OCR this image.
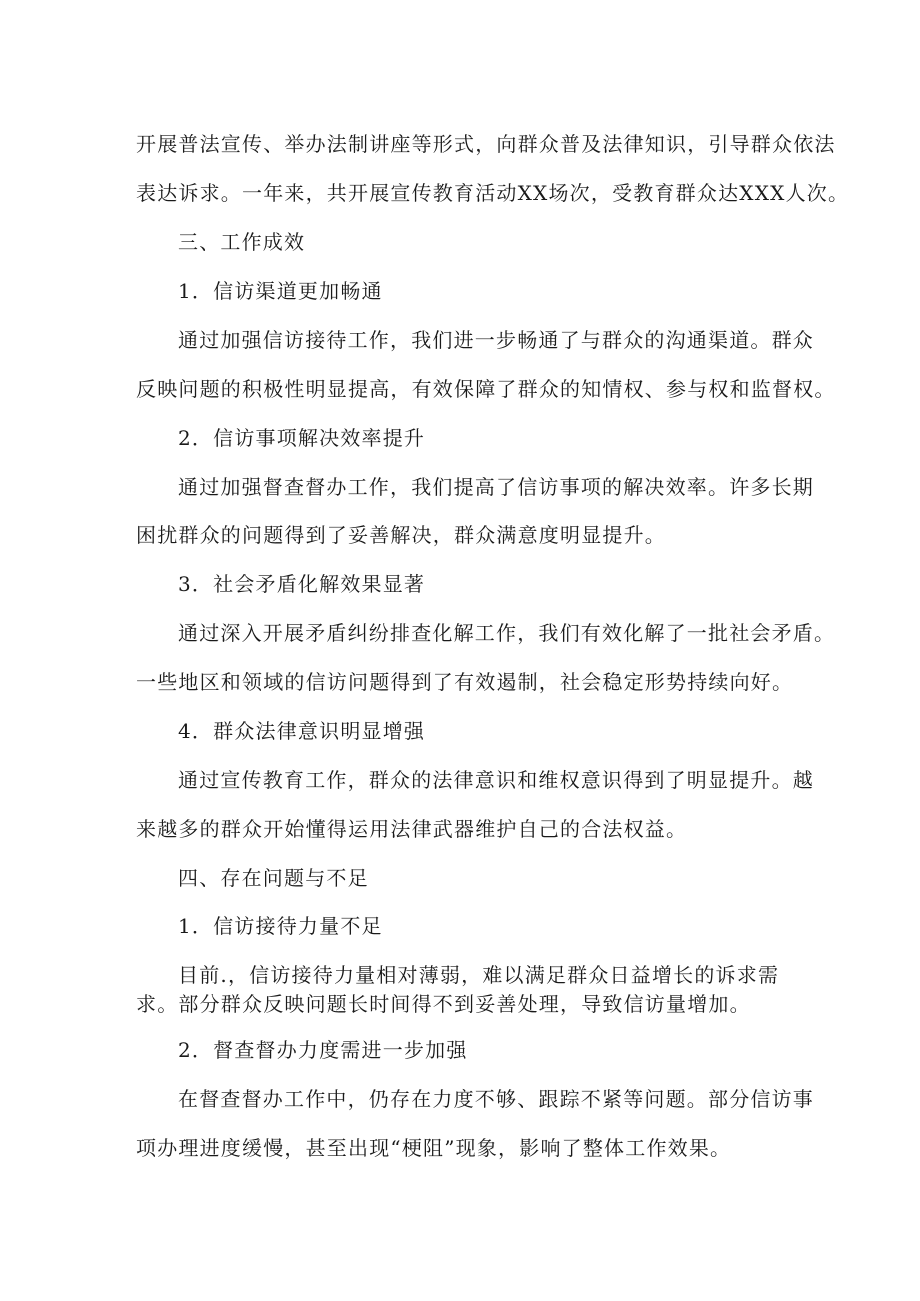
开展普法宣传、举办法制讲座等形式，向群众普及法律知识，引导群众依法
表达诉求。一年来，共开展宣传教育活动XX场次，受教育群众达XXX人次。
三、工作成效
1．信访渠道更加畅通
通过加强信访接待工作，我们进一步畅通了与群众的沟通渠道。群众
反映问题的积极性明显提高，有效保障了群众的知情权、参与权和监督权。
2．信访事项解决效率提升
通过加强督查督办工作，我们提高了信访事项的解决效率。许多长期
困扰群众的问题得到了妥善解决，群众满意度明显提升。
3．社会矛盾化解效果显著
通过深入开展矛盾纠纷排查化解工作，我们有效化解了一批社会矛盾。
一些地区和领域的信访问题得到了有效遏制，社会稳定形势持续向好。
4．群众法律意识明显增强
通过宣传教育工作，群众的法律意识和维权意识得到了明显提升。越
来越多的群众开始懂得运用法律武器维护自己的合法权益。
四、存在问题与不足
1．信访接待力量不足
目前.，信访接待力量相对薄弱，难以满足群众日益增长的诉求需
求。部分群众反映问题长时间得不到妥善处理，导致信访量增加。
2．督查督办力度需进一步加强
在督查督办工作中，仍存在力度不够、跟踪不紧等问题。部分信访事
项办理进度缓慢，甚至出现“梗阻”现象，影响了整体工作效果。
